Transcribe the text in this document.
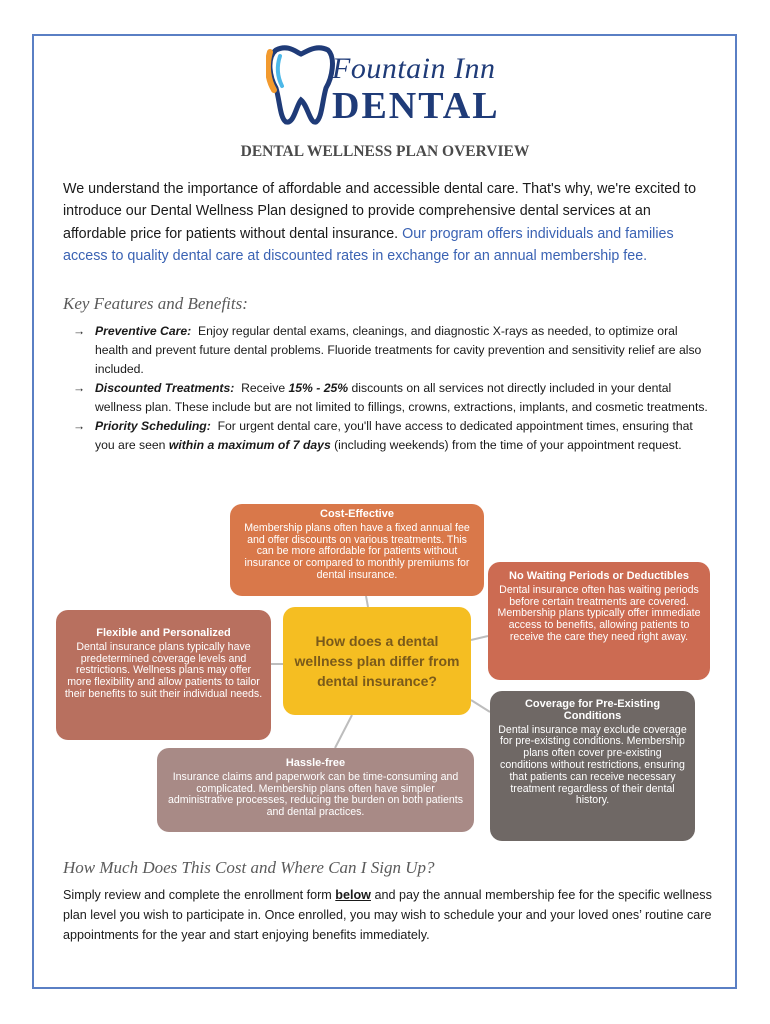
Fountain Inn
DENTAL
DENTAL WELLNESS PLAN OVERVIEW
We understand the importance of affordable and accessible dental care. That's why, we're excited to introduce our Dental Wellness Plan designed to provide comprehensive dental services at an affordable price for patients without dental insurance. Our program offers individuals and families access to quality dental care at discounted rates in exchange for an annual membership fee.
Key Features and Benefits:
→ Preventive Care: Enjoy regular dental exams, cleanings, and diagnostic X-rays as needed, to optimize oral health and prevent future dental problems. Fluoride treatments for cavity prevention and sensitivity relief are also included.
→ Discounted Treatments: Receive 15% - 25% discounts on all services not directly included in your dental wellness plan. These include but are not limited to fillings, crowns, extractions, implants, and cosmetic treatments.
→ Priority Scheduling: For urgent dental care, you'll have access to dedicated appointment times, ensuring that you are seen within a maximum of 7 days (including weekends) from the time of your appointment request.
Cost-Effective
Membership plans often have a fixed annual fee and offer discounts on various treatments. This can be more affordable for patients without insurance or compared to monthly premiums for dental insurance.	No Waiting Periods or Deductibles
Dental insurance often has waiting periods before certain treatments are covered. Membership plans typically offer immediate access to benefits, allowing patients to receive the care they need right away.
Flexible and Personalized
Dental insurance plans typically have predetermined coverage levels and restrictions. Wellness plans may offer more flexibility and allow patients to tailor their benefits to suit their individual needs.
How does a dental wellness plan differ from dental insurance?
Coverage for Pre-Existing Conditions
Dental insurance may exclude coverage for pre-existing conditions. Membership plans often cover pre-existing conditions without restrictions, ensuring that patients can receive necessary treatment regardless of their dental history.
Hassle-free
Insurance claims and paperwork can be time-consuming and complicated. Membership plans often have simpler administrative processes, reducing the burden on both patients and dental practices.
How Much Does This Cost and Where Can I Sign Up?
Simply review and complete the enrollment form below and pay the annual membership fee for the specific wellness plan level you wish to participate in. Once enrolled, you may wish to schedule your and your loved ones’ routine care appointments for the year and start enjoying benefits immediately.
